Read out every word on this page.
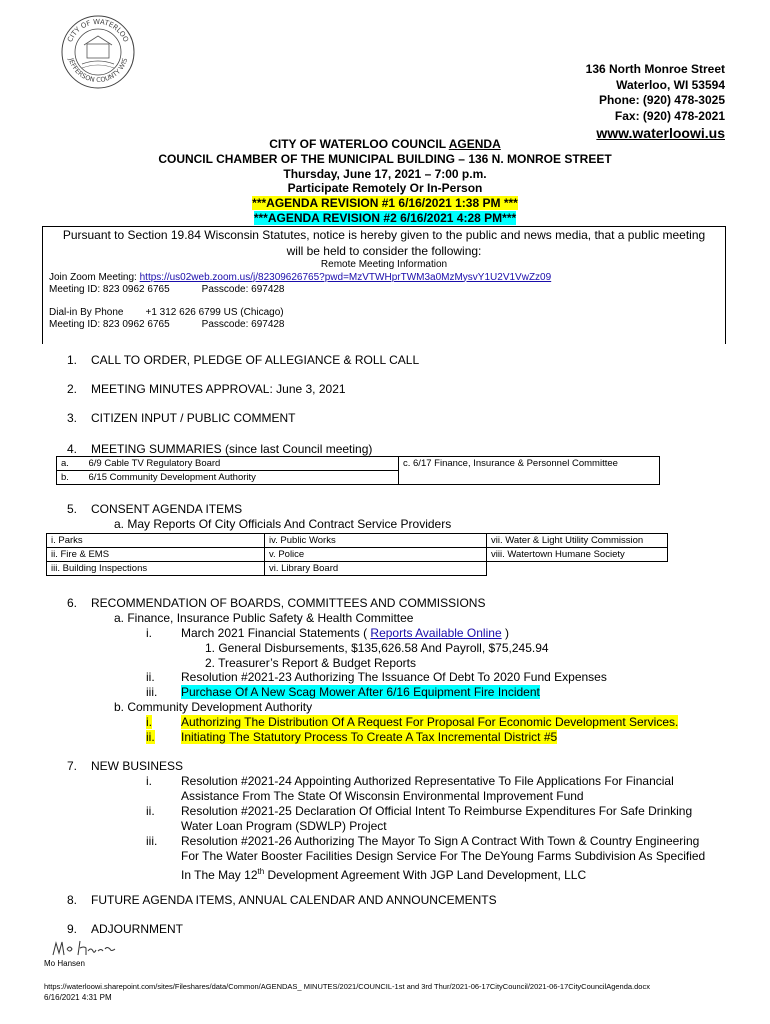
CITY OF WATERLOO
JEFFERSON COUNTY WIS
136 North Monroe Street
Waterloo, WI 53594
Phone: (920) 478-3025
Fax: (920) 478-2021
www.waterloowi.us
CITY OF WATERLOO COUNCIL AGENDA
COUNCIL CHAMBER OF THE MUNICIPAL BUILDING – 136 N. MONROE STREET
Thursday, June 17, 2021 – 7:00 p.m.
Participate Remotely Or In-Person
***AGENDA REVISION #1 6/16/2021 1:38 PM ***
***AGENDA REVISION #2 6/16/2021 4:28 PM***
Pursuant to Section 19.84 Wisconsin Statutes, notice is hereby given to the public and news media, that a public meeting
will be held to consider the following:
Remote Meeting Information
Join Zoom Meeting: https://us02web.zoom.us/j/82309626765?pwd=MzVTWHprTWM3a0MzMysvY1U2V1VwZz09
Meeting ID: 823 0962 6765	Passcode: 697428
Dial-in By Phone +1 312 626 6799 US (Chicago)
Meeting ID: 823 0962 6765	Passcode: 697428
1. CALL TO ORDER, PLEDGE OF ALLEGIANCE & ROLL CALL
2. MEETING MINUTES APPROVAL: June 3, 2021
3. CITIZEN INPUT / PUBLIC COMMENT
4. MEETING SUMMARIES (since last Council meeting)
a.	6/9 Cable TV Regulatory Board	c. 6/17 Finance, Insurance & Personnel Committee
b.	6/15 Community Development Authority	
5. CONSENT AGENDA ITEMS
a. May Reports Of City Officials And Contract Service Providers
i. Parks	iv. Public Works	vii. Water & Light Utility Commission
ii. Fire & EMS	v. Police	viii. Watertown Humane Society
iii. Building Inspections	vi. Library Board	
6. RECOMMENDATION OF BOARDS, COMMITTEES AND COMMISSIONS
a. Finance, Insurance Public Safety & Health Committee
i. March 2021 Financial Statements ( Reports Available Online )
1. General Disbursements, $135,626.58 And Payroll, $75,245.94
2. Treasurer’s Report & Budget Reports
ii. Resolution #2021-23 Authorizing The Issuance Of Debt To 2020 Fund Expenses
iii. Purchase Of A New Scag Mower After 6/16 Equipment Fire Incident
b. Community Development Authority
i. Authorizing The Distribution Of A Request For Proposal For Economic Development Services.
ii. Initiating The Statutory Process To Create A Tax Incremental District #5
7. NEW BUSINESS
i. Resolution #2021-24 Appointing Authorized Representative To File Applications For Financial
Assistance From The State Of Wisconsin Environmental Improvement Fund
ii. Resolution #2021-25 Declaration Of Official Intent To Reimburse Expenditures For Safe Drinking
Water Loan Program (SDWLP) Project
iii. Resolution #2021-26 Authorizing The Mayor To Sign A Contract With Town & Country Engineering
For The Water Booster Facilities Design Service For The DeYoung Farms Subdivision As Specified
In The May 12th Development Agreement With JGP Land Development, LLC
8. FUTURE AGENDA ITEMS, ANNUAL CALENDAR AND ANNOUNCEMENTS
9. ADJOURNMENT
Mo Hansen
https://waterloowi.sharepoint.com/sites/Fileshares/data/Common/AGENDAS_ MINUTES/2021/COUNCIL-1st and 3rd Thur/2021-06-17CityCouncil/2021-06-17CityCouncilAgenda.docx
6/16/2021 4:31 PM
